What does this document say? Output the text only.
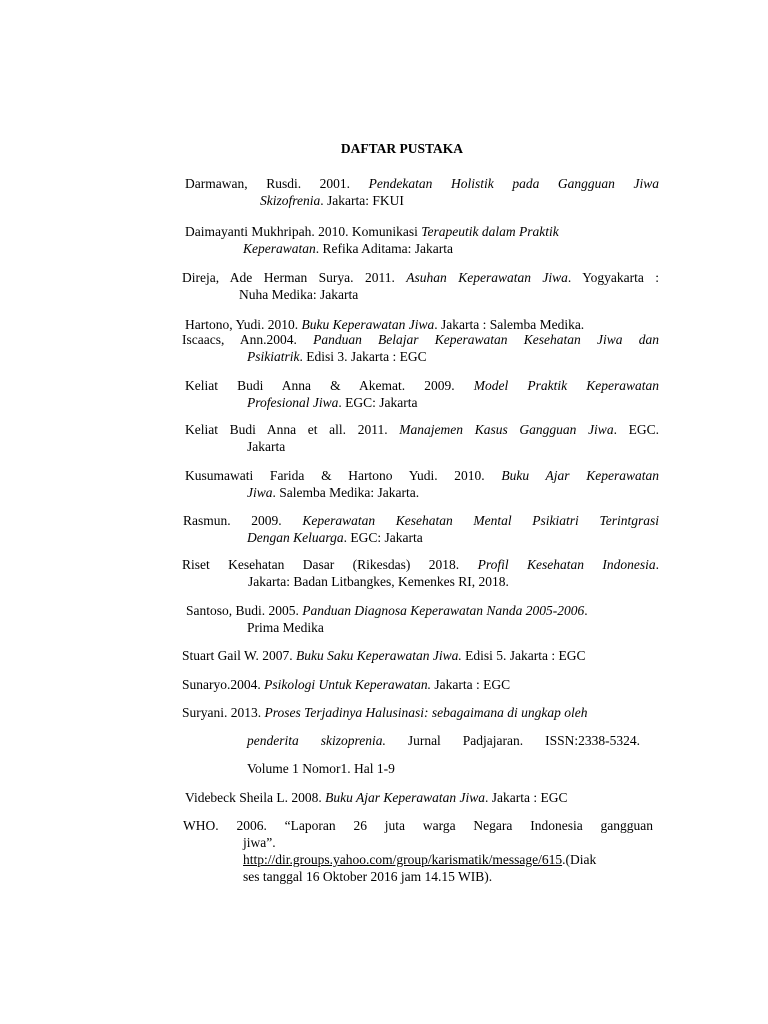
DAFTAR PUSTAKA
Darmawan, Rusdi. 2001. Pendekatan Holistik pada Gangguan Jiwa
Skizofrenia. Jakarta: FKUI
Daimayanti Mukhripah. 2010. Komunikasi Terapeutik dalam Praktik
Keperawatan. Refika Aditama: Jakarta
Direja, Ade Herman Surya. 2011. Asuhan Keperawatan Jiwa. Yogyakarta :
Nuha Medika: Jakarta
Hartono, Yudi. 2010. Buku Keperawatan Jiwa. Jakarta : Salemba Medika.
Iscaacs, Ann.2004. Panduan Belajar Keperawatan Kesehatan Jiwa dan
Psikiatrik. Edisi 3. Jakarta : EGC
Keliat Budi Anna & Akemat. 2009. Model Praktik Keperawatan
Profesional Jiwa. EGC: Jakarta
Keliat Budi Anna et all. 2011. Manajemen Kasus Gangguan Jiwa. EGC.
Jakarta
Kusumawati Farida & Hartono Yudi. 2010. Buku Ajar Keperawatan
Jiwa. Salemba Medika: Jakarta.
Rasmun. 2009. Keperawatan Kesehatan Mental Psikiatri Terintgrasi
Dengan Keluarga. EGC: Jakarta
Riset Kesehatan Dasar (Rikesdas) 2018. Profil Kesehatan Indonesia.
Jakarta: Badan Litbangkes, Kemenkes RI, 2018.
Santoso, Budi. 2005. Panduan Diagnosa Keperawatan Nanda 2005-2006.
Prima Medika
Stuart Gail W. 2007. Buku Saku Keperawatan Jiwa. Edisi 5. Jakarta : EGC
Sunaryo.2004. Psikologi Untuk Keperawatan. Jakarta : EGC
Suryani. 2013. Proses Terjadinya Halusinasi: sebagaimana di ungkap oleh
penderita skizoprenia. Jurnal Padjajaran. ISSN:2338-5324.
Volume 1 Nomor1. Hal 1-9
Videbeck Sheila L. 2008. Buku Ajar Keperawatan Jiwa. Jakarta : EGC
WHO. 2006. “Laporan 26 juta warga Negara Indonesia gangguan
jiwa”.
http://dir.groups.yahoo.com/group/karismatik/message/615.(Diak
ses tanggal 16 Oktober 2016 jam 14.15 WIB).
